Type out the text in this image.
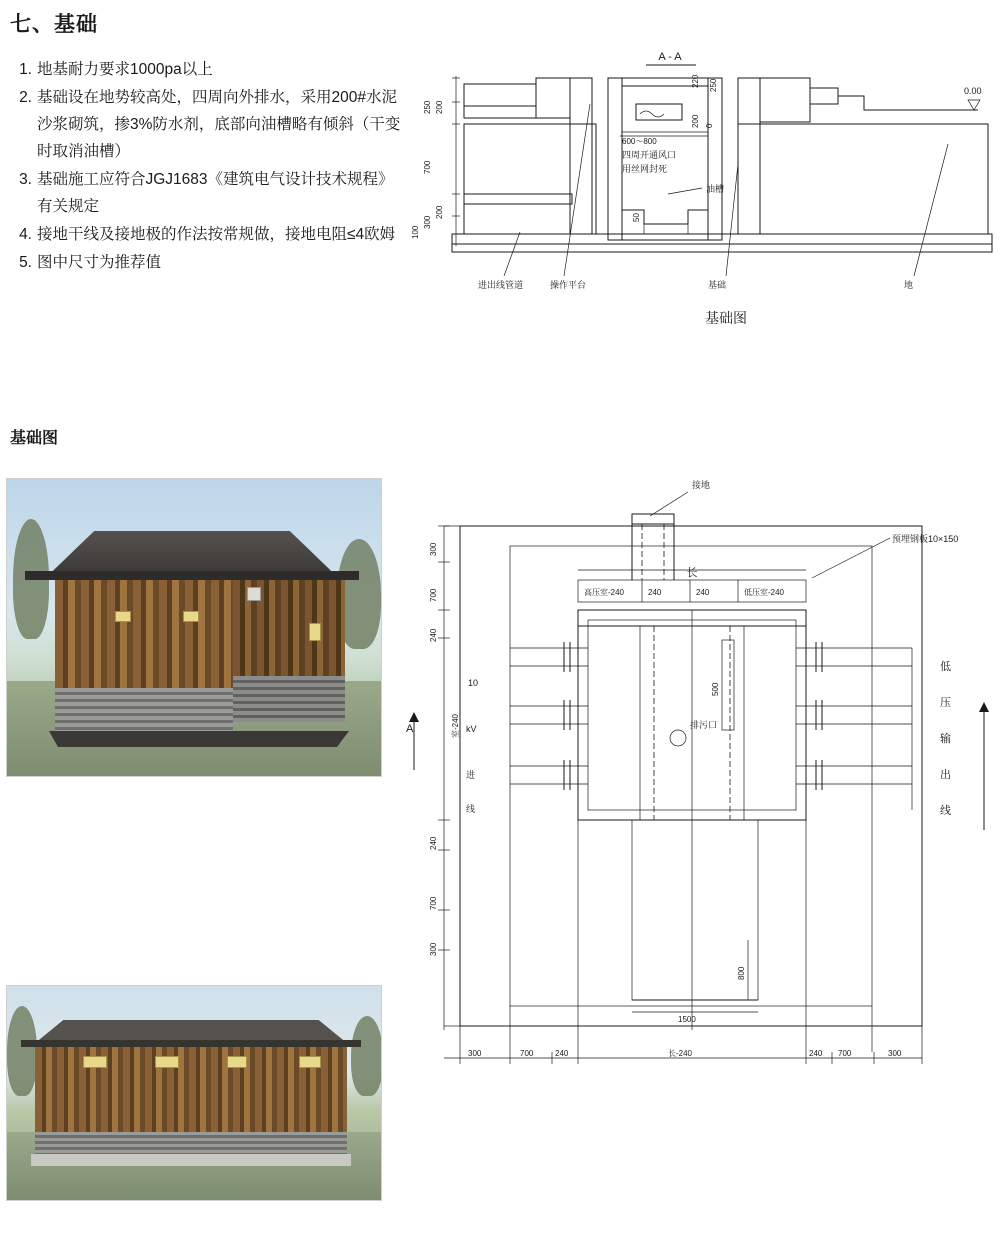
七、基础
1. 地基耐力要求1000pa以上
2. 基础设在地势较高处，四周向外排水，采用200#水泥沙浆砌筑，掺3%防水剂，底部向油槽略有倾斜（干变时取消油槽）
3. 基础施工应符合JGJ1683《建筑电气设计技术规程》有关规定
4. 接地干线及接地极的作法按常规做，接地电阻≤4欧姆
5. 图中尺寸为推荐值
基础图
A - A
250 200
700
200
300
100
50
220
200
250
0
600～800
四周开通风口
用丝网封死
油槽
0.00
进出线管道	操作平台	基础	地
基础图
接地
预埋钢板10×150
长
高压室-240	240	240	低压室-240
500
排污口
10
kV
进
线
室-240
低
压
输
出
线
A
800
1500
300
700
240
240
700
300
300	700	240	长-240	240 700	300
